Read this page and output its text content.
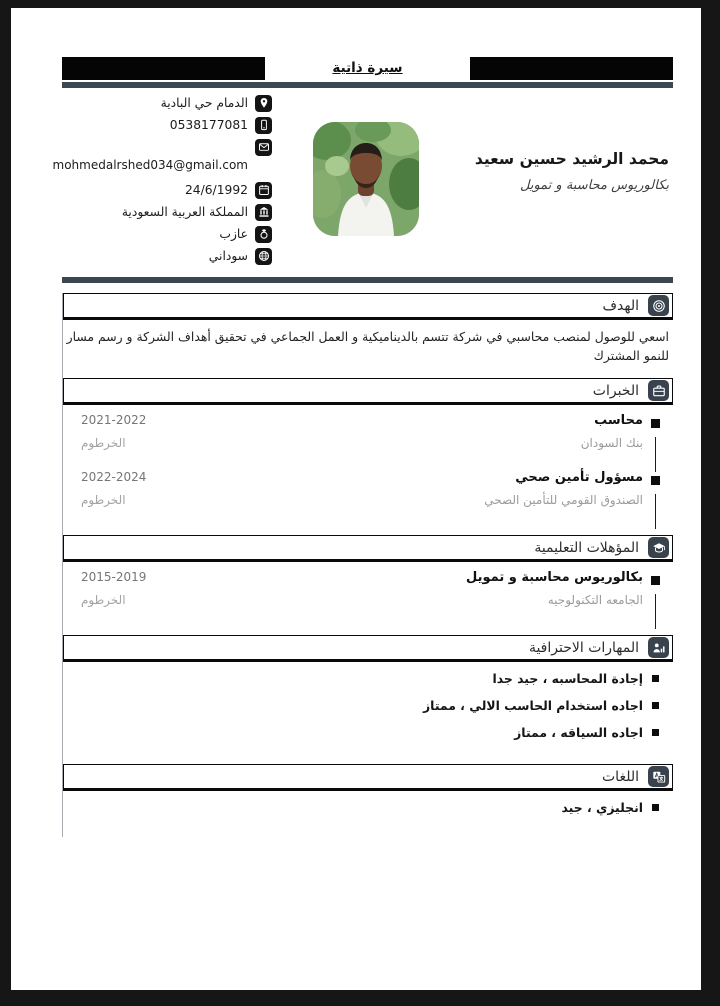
سيرة ذاتية
الدمام حي البادية
0538177081
mohmedalrshed034@gmail.com
24/6/1992
المملكة العربية السعودية
عازب
سوداني
محمد الرشيد حسين سعيد
بكالوريوس محاسبة و تمويل
الهدف
اسعي للوصول لمنصب محاسبي في شركة تتسم بالديناميكية و العمل الجماعي في تحقيق أهداف الشركة و رسم مسار للنمو المشترك
الخبرات
محاسب
بنك السودان
2021-2022
الخرطوم
مسؤول تأمين صحي
الصندوق القومي للتأمين الصحي
2022-2024
الخرطوم
المؤهلات التعليمية
بكالوريوس محاسبة و تمويل
الجامعه التكنولوجيه
2015-2019
الخرطوم
المهارات الاحترافية
إجادة المحاسبه ، جيد جدا
اجاده استخدام الحاسب الالي ، ممتاز
اجاده السياقه ، ممتاز
اللغات
انجليزي ، جيد
